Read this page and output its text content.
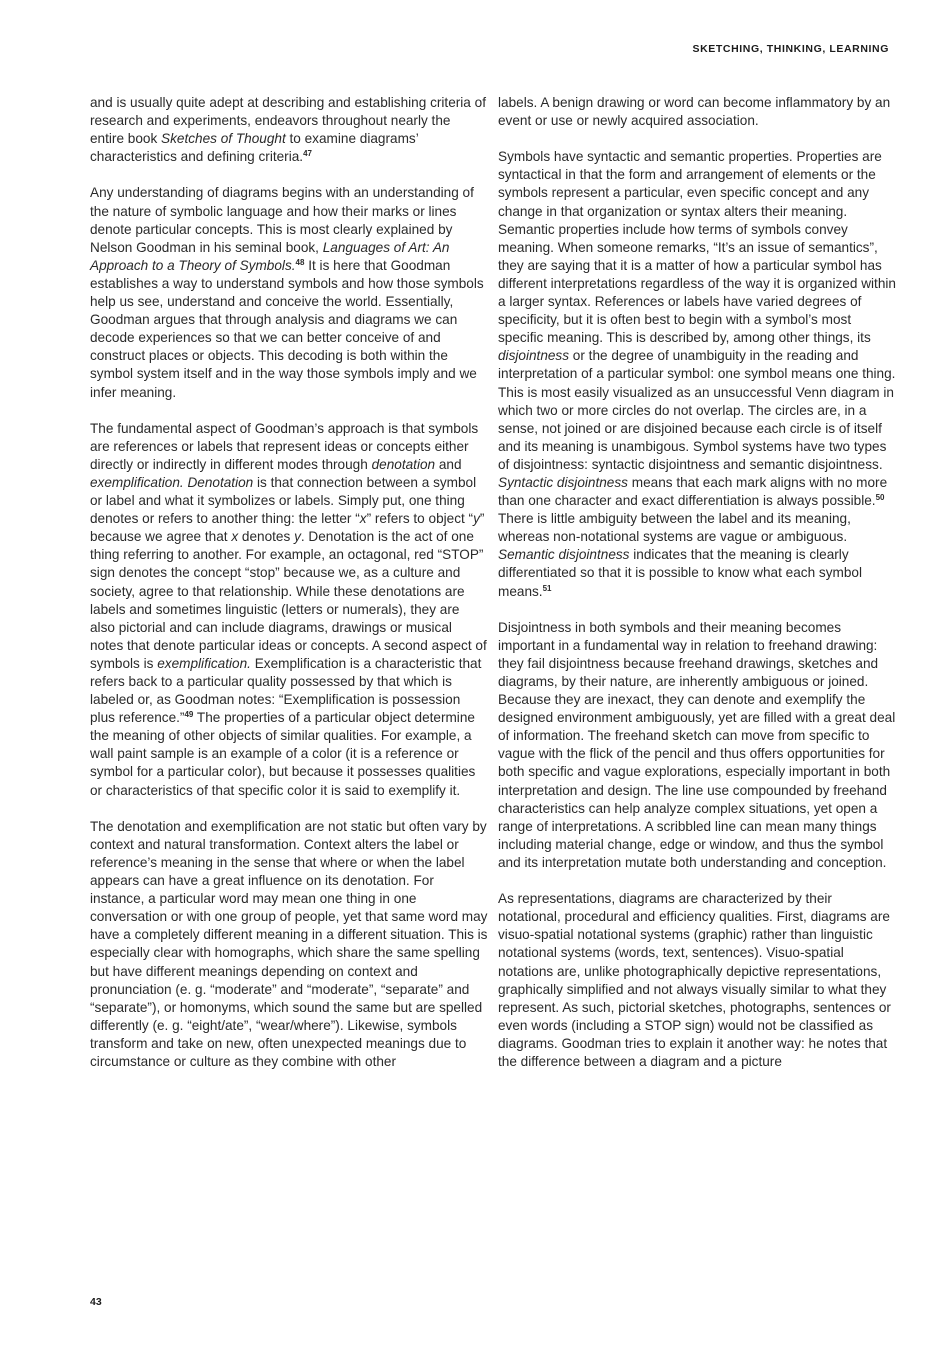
SKETCHING, THINKING, LEARNING

and is usually quite adept at describing and establishing criteria of research and experiments, endeavors throughout nearly the entire book Sketches of Thought to examine diagrams’ characteristics and defining criteria.$^{47}$

Any understanding of diagrams begins with an understanding of the nature of symbolic language and how their marks or lines denote particular concepts. This is most clearly explained by Nelson Goodman in his seminal book, Languages of Art: An Approach to a Theory of Symbols.$^{48}$ It is here that Goodman establishes a way to understand symbols and how those symbols help us see, understand and conceive the world. Essentially, Goodman argues that through analysis and diagrams we can decode experiences so that we can better conceive of and construct places or objects. This decoding is both within the symbol system itself and in the way those symbols imply and we infer meaning.

The fundamental aspect of Goodman’s approach is that symbols are references or labels that represent ideas or concepts either directly or indirectly in different modes through denotation and exemplification. Denotation is that connection between a symbol or label and what it symbolizes or labels. Simply put, one thing denotes or refers to another thing: the letter “x” refers to object “y” because we agree that x denotes y. Denotation is the act of one thing referring to another. For example, an octagonal, red “STOP” sign denotes the concept “stop” because we, as a culture and society, agree to that relationship. While these denotations are labels and sometimes linguistic (letters or numerals), they are also pictorial and can include diagrams, drawings or musical notes that denote particular ideas or concepts. A second aspect of symbols is exemplification. Exemplification is a characteristic that refers back to a particular quality possessed by that which is labeled or, as Goodman notes: “Exemplification is possession plus reference.”$^{49}$ The properties of a particular object determine the meaning of other objects of similar qualities. For example, a wall paint sample is an example of a color (it is a reference or symbol for a particular color), but because it possesses qualities or characteristics of that specific color it is said to exemplify it.

The denotation and exemplification are not static but often vary by context and natural transformation. Context alters the label or reference’s meaning in the sense that where or when the label appears can have a great influence on its denotation. For instance, a particular word may mean one thing in one conversation or with one group of people, yet that same word may have a completely different meaning in a different situation. This is especially clear with homographs, which share the same spelling but have different meanings depending on context and pronunciation (e. g. “moderate” and “moderate”, “separate” and “separate”), or homonyms, which sound the same but are spelled differently (e. g. “eight/ate”, “wear/where”). Likewise, symbols transform and take on new, often unexpected meanings due to circumstance or culture as they combine with other

labels. A benign drawing or word can become inflammatory by an event or use or newly acquired association.

Symbols have syntactic and semantic properties. Properties are syntactical in that the form and arrangement of elements or the symbols represent a particular, even specific concept and any change in that organization or syntax alters their meaning. Semantic properties include how terms of symbols convey meaning. When someone remarks, “It’s an issue of semantics”, they are saying that it is a matter of how a particular symbol has different interpretations regardless of the way it is organized within a larger syntax. References or labels have varied degrees of specificity, but it is often best to begin with a symbol’s most specific meaning. This is described by, among other things, its disjointness or the degree of unambiguity in the reading and interpretation of a particular symbol: one symbol means one thing. This is most easily visualized as an unsuccessful Venn diagram in which two or more circles do not overlap. The circles are, in a sense, not joined or are disjoined because each circle is of itself and its meaning is unambigous. Symbol systems have two types of disjointness: syntactic disjointness and semantic disjointness. Syntactic disjointness means that each mark aligns with no more than one character and exact differentiation is always possible.$^{50}$ There is little ambiguity between the label and its meaning, whereas non-notational systems are vague or ambiguous. Semantic disjointness indicates that the meaning is clearly differentiated so that it is possible to know what each symbol means.$^{51}$

Disjointness in both symbols and their meaning becomes important in a fundamental way in relation to freehand drawing: they fail disjointness because freehand drawings, sketches and diagrams, by their nature, are inherently ambiguous or joined. Because they are inexact, they can denote and exemplify the designed environment ambiguously, yet are filled with a great deal of information. The freehand sketch can move from specific to vague with the flick of the pencil and thus offers opportunities for both specific and vague explorations, especially important in both interpretation and design. The line use compounded by freehand characteristics can help analyze complex situations, yet open a range of interpretations. A scribbled line can mean many things including material change, edge or window, and thus the symbol and its interpretation mutate both understanding and conception.

As representations, diagrams are characterized by their notational, procedural and efficiency qualities. First, diagrams are visuo-spatial notational systems (graphic) rather than linguistic notational systems (words, text, sentences). Visuo-spatial notations are, unlike photographically depictive representations, graphically simplified and not always visually similar to what they represent. As such, pictorial sketches, photographs, sentences or even words (including a STOP sign) would not be classified as diagrams. Goodman tries to explain it another way: he notes that the difference between a diagram and a picture

43
